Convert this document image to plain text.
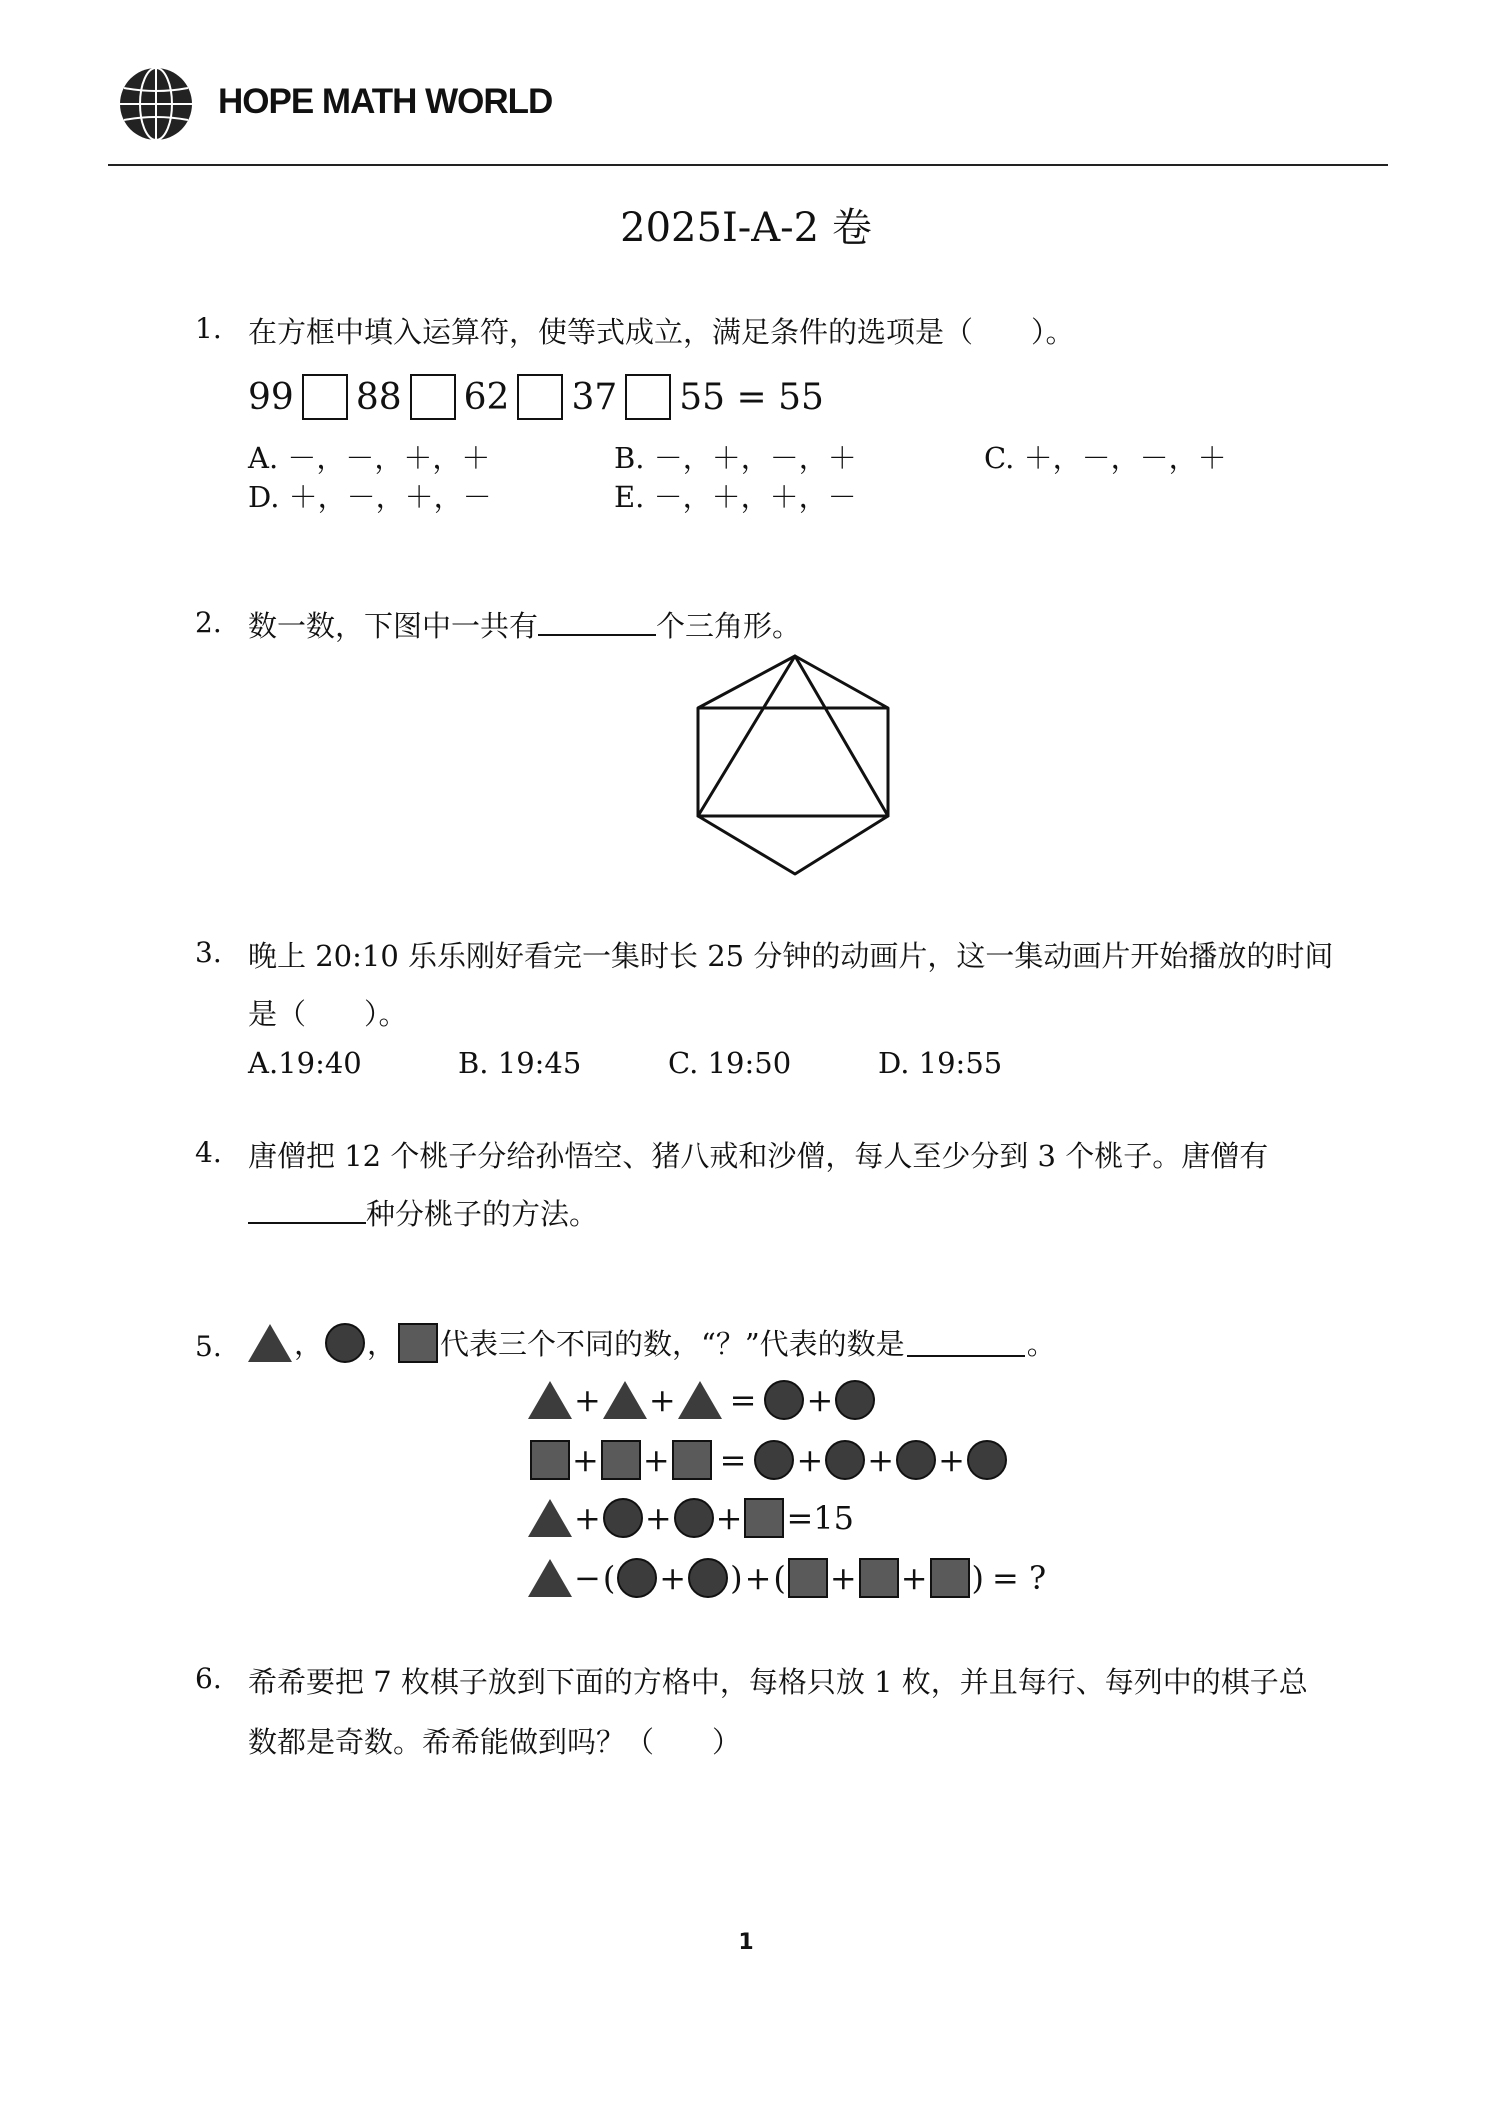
HOPE MATH WORLD
2025I-A-2 卷
1. 在方框中填入运算符，使等式成立，满足条件的选项是（　　）。
99 88 62 37 55 = 55
A. －，－，＋，＋	B. －，＋，－，＋	C. ＋，－，－，＋
D. ＋，－，＋，－	E. －，＋，＋，－
2. 数一数，下图中一共有	个三角形。
3. 晚上 20:10 乐乐刚好看完一集时长 25 分钟的动画片，这一集动画片开始播放的时间
是（　　）。
A.19:40	B. 19:45	C. 19:50	D. 19:55
4. 唐僧把 12 个桃子分给孙悟空、猪八戒和沙僧，每人至少分到 3 个桃子。唐僧有
种分桃子的方法。
5. ， ， 代表三个不同的数，“？”代表的数是	。
+ + = +
+ + = + + +
+ + + =15
− ( + ) + ( + + ) = ?
6. 希希要把 7 枚棋子放到下面的方格中，每格只放 1 枚，并且每行、每列中的棋子总
数都是奇数。希希能做到吗？（　　）
1
